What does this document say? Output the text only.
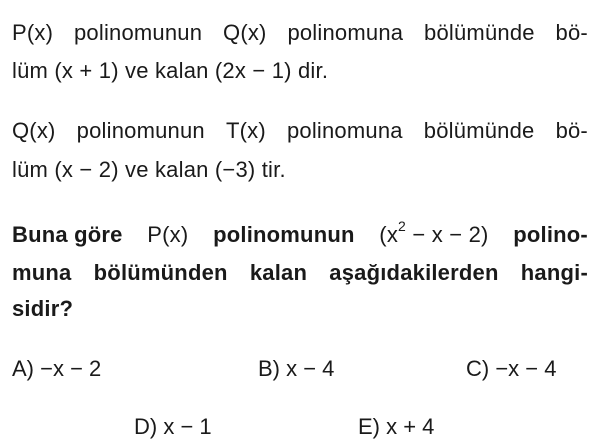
P(x) polinomunun Q(x) polinomuna bölümünde bö-
lüm (x + 1) ve kalan (2x − 1) dir.
Q(x) polinomunun T(x) polinomuna bölümünde bö-
lüm (x − 2) ve kalan (−3) tir.
Buna göre P(x) polinomunun $(x^2 - x - 2)$ polino-
muna bölümünden kalan aşağıdakilerden hangi-
sidir?
A) −x − 2	B) x − 4	C) −x − 4
D) x − 1	E) x + 4
